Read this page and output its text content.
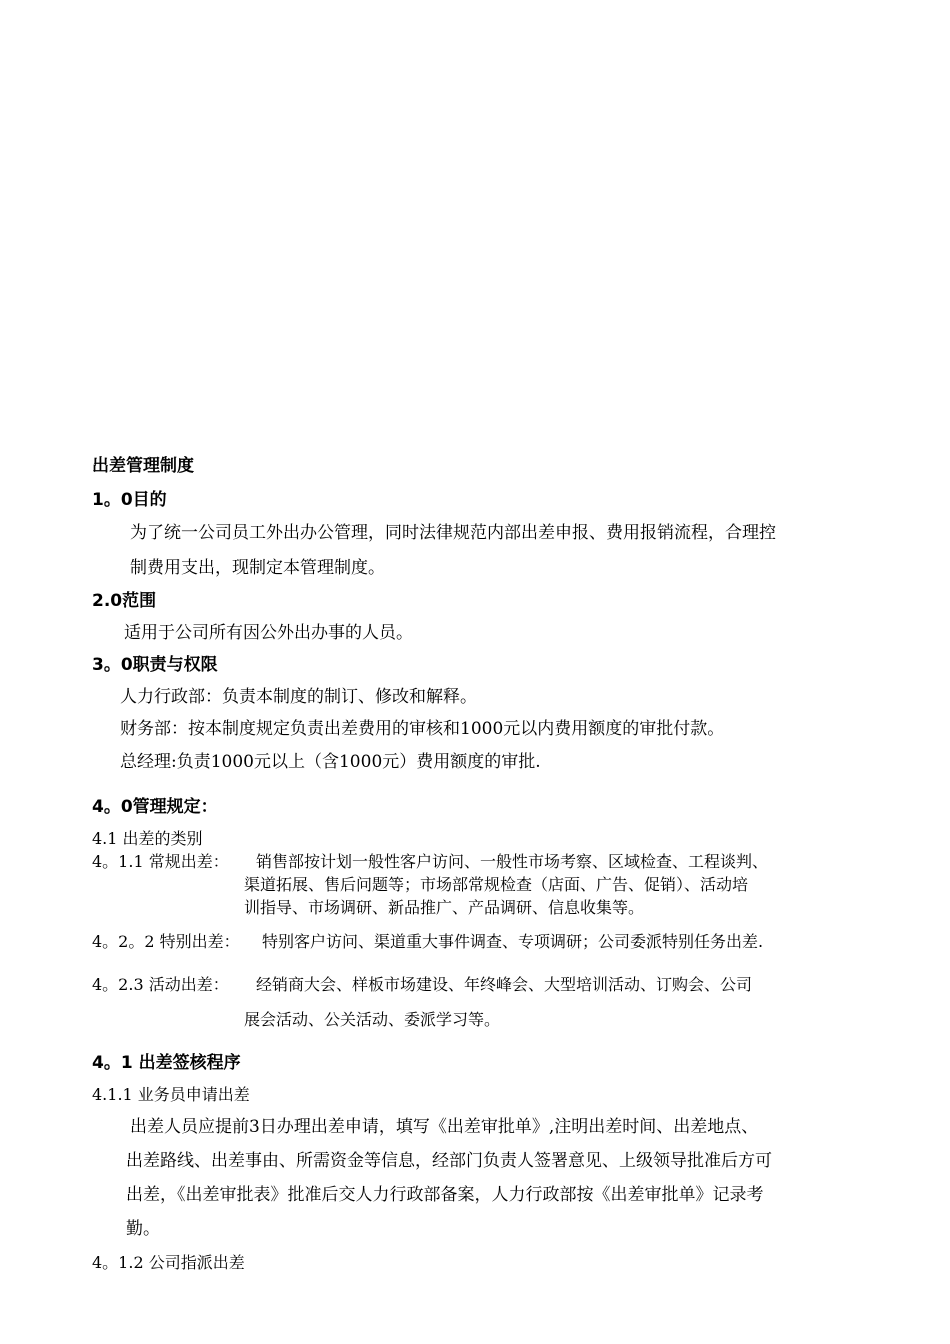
出差管理制度
1。0目的
为了统一公司员工外出办公管理，同时法律规范内部出差申报、费用报销流程，合理控
制费用支出，现制定本管理制度。
2.0范围
适用于公司所有因公外出办事的人员。
3。0职责与权限
人力行政部：负责本制度的制订、修改和解释。
财务部：按本制度规定负责出差费用的审核和1000元以内费用额度的审批付款。
总经理:负责1000元以上（含1000元）费用额度的审批.
4。0管理规定：
4.1 出差的类别
4。1.1 常规出差： 销售部按计划一般性客户访问、一般性市场考察、区域检查、工程谈判、
渠道拓展、售后问题等；市场部常规检查（店面、广告、促销）、活动培
训指导、市场调研、新品推广、产品调研、信息收集等。
4。2。2 特别出差： 特别客户访问、渠道重大事件调查、专项调研；公司委派特别任务出差.
4。2.3 活动出差： 经销商大会、样板市场建设、年终峰会、大型培训活动、订购会、公司
展会活动、公关活动、委派学习等。
4。1 出差签核程序
4.1.1 业务员申请出差
出差人员应提前3日办理出差申请，填写《出差审批单》,注明出差时间、出差地点、
出差路线、出差事由、所需资金等信息，经部门负责人签署意见、上级领导批准后方可
出差，《出差审批表》批准后交人力行政部备案，人力行政部按《出差审批单》记录考
勤。
4。1.2 公司指派出差
